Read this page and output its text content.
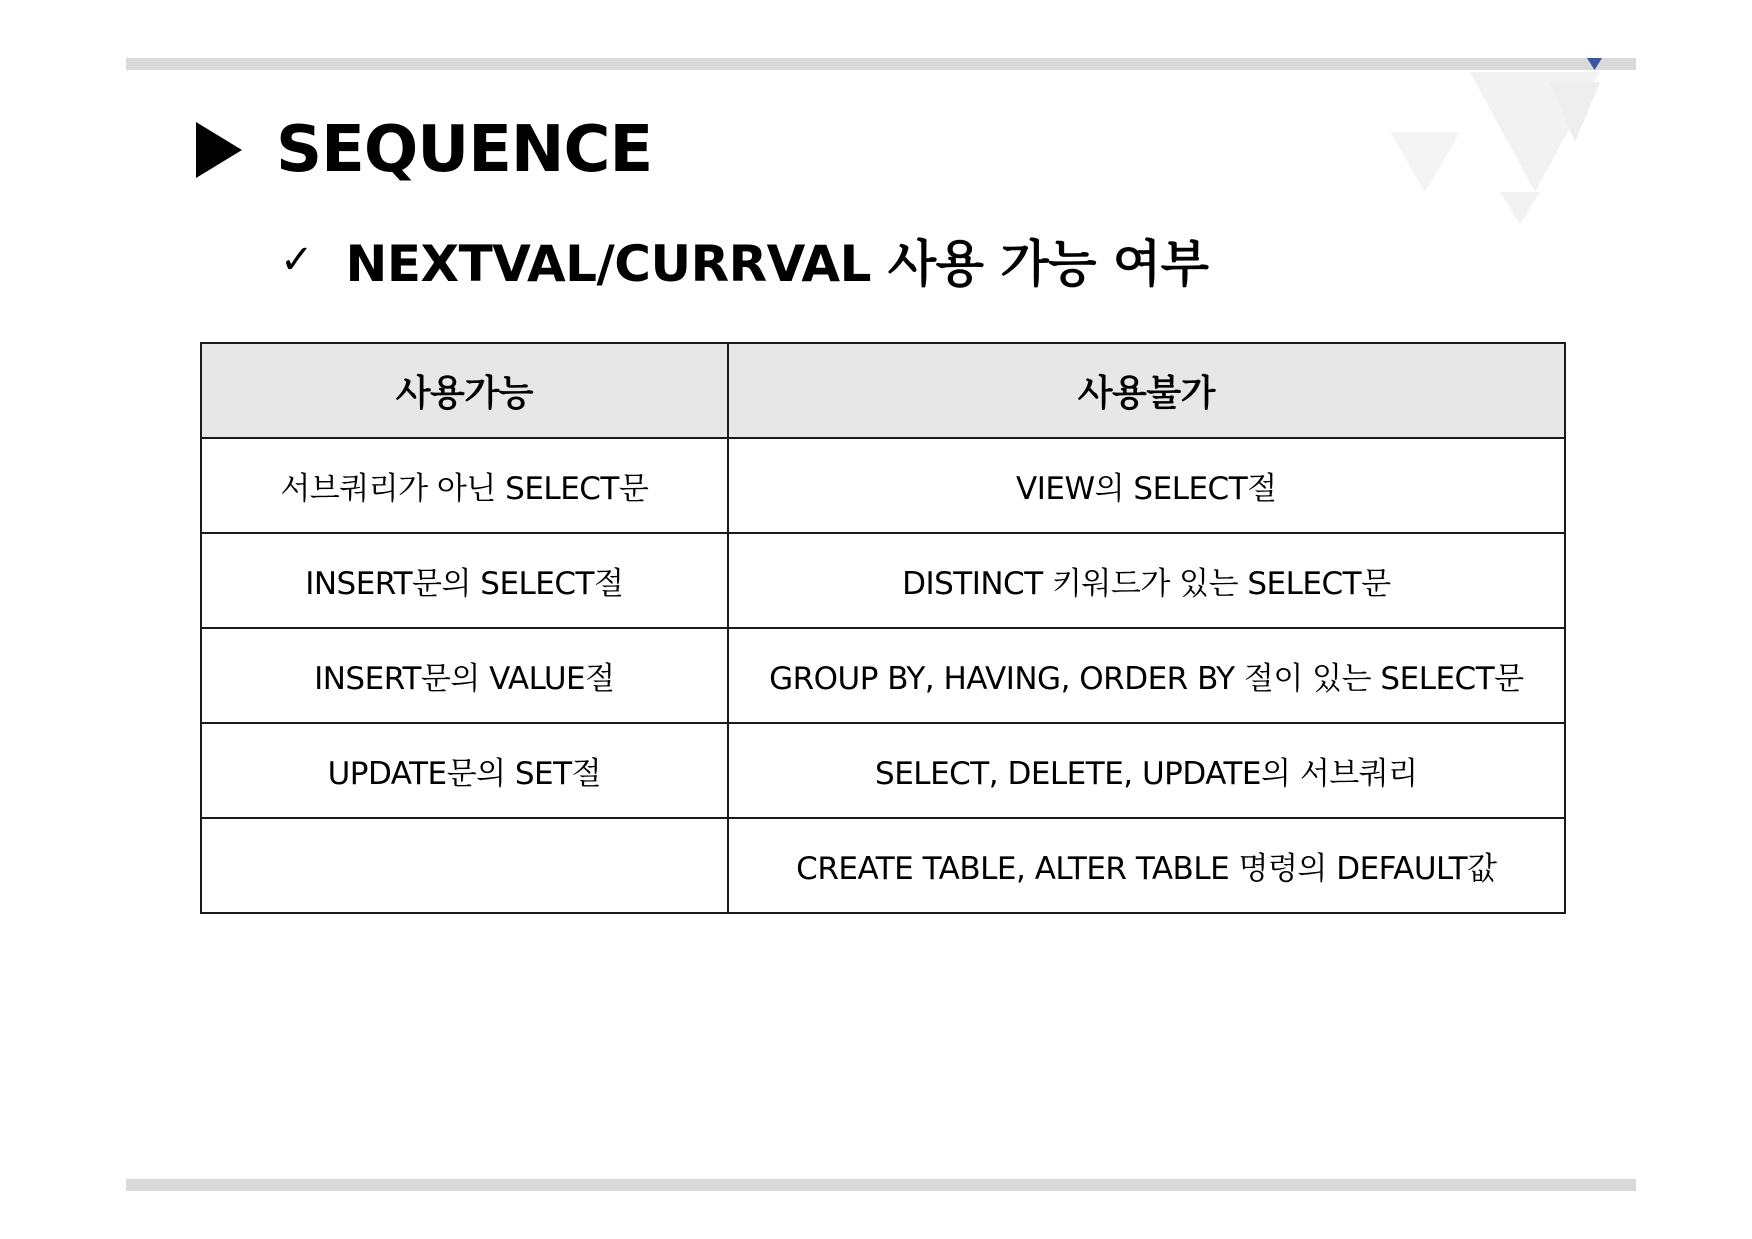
SEQUENCE
✓ NEXTVAL/CURRVAL 사용 가능 여부
사용가능	사용불가
서브쿼리가 아닌 SELECT문	VIEW의 SELECT절
INSERT문의 SELECT절	DISTINCT 키워드가 있는 SELECT문
INSERT문의 VALUE절	GROUP BY, HAVING, ORDER BY 절이 있는 SELECT문
UPDATE문의 SET절	SELECT, DELETE, UPDATE의 서브쿼리
	CREATE TABLE, ALTER TABLE 명령의 DEFAULT값
